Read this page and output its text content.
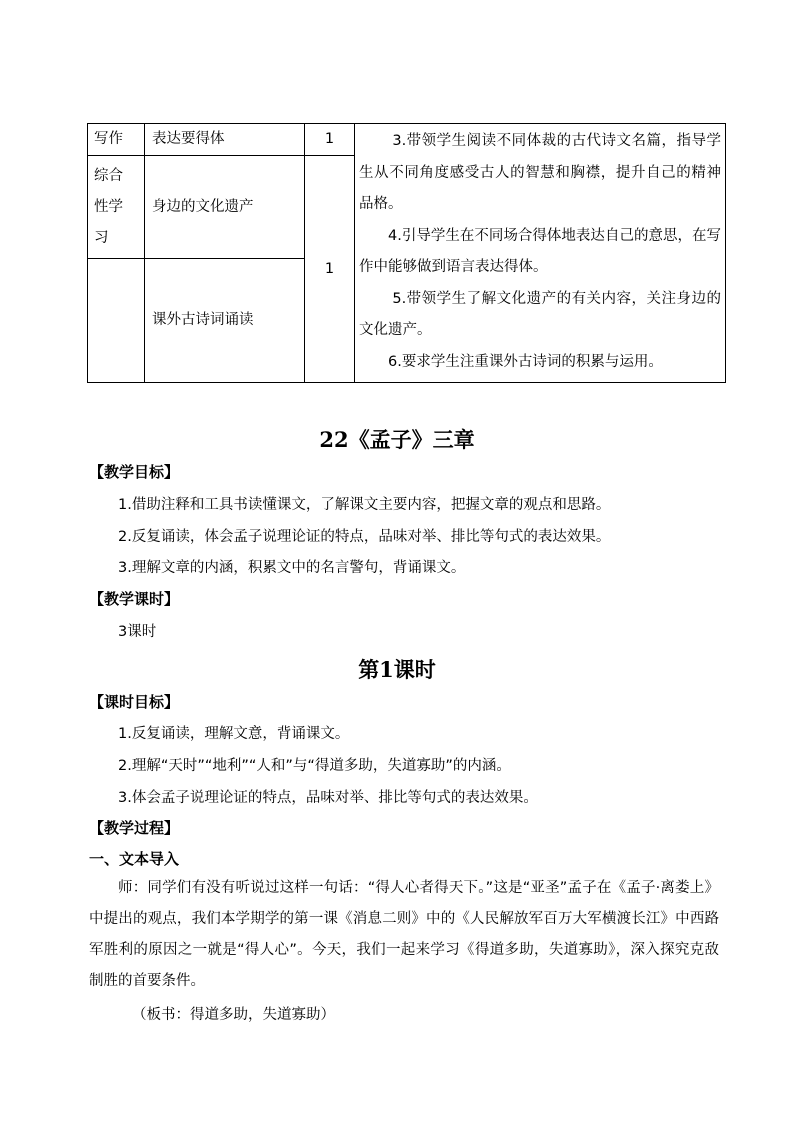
写作	表达要得体	1	3.带领学生阅读不同体裁的古代诗文名篇，指导学生从不同角度感受古人的智慧和胸襟，提升自己的精神品格。
4.引导学生在不同场合得体地表达自己的意思，在写作中能够做到语言表达得体。
5.带领学生了解文化遗产的有关内容，关注身边的文化遗产。
6.要求学生注重课外古诗词的积累与运用。

综合
性学
习	身边的文化遗产	1	
	课外古诗词诵读		
22《孟子》三章
【教学目标】
1.借助注释和工具书读懂课文，了解课文主要内容，把握文章的观点和思路。
2.反复诵读，体会孟子说理论证的特点，品味对举、排比等句式的表达效果。
3.理解文章的内涵，积累文中的名言警句，背诵课文。
【教学课时】
3课时
第1课时
【课时目标】
1.反复诵读，理解文意，背诵课文。
2.理解“天时”“地利”“人和”与“得道多助，失道寡助”的内涵。
3.体会孟子说理论证的特点，品味对举、排比等句式的表达效果。
【教学过程】
一、文本导入
师：同学们有没有听说过这样一句话：“得人心者得天下。”这是“亚圣”孟子在《孟子·离娄上》中提出的观点，我们本学期学的第一课《消息二则》中的《人民解放军百万大军横渡长江》中西路军胜利的原因之一就是“得人心”。今天，我们一起来学习《得道多助，失道寡助》，深入探究克敌制胜的首要条件。
（板书：得道多助，失道寡助）
